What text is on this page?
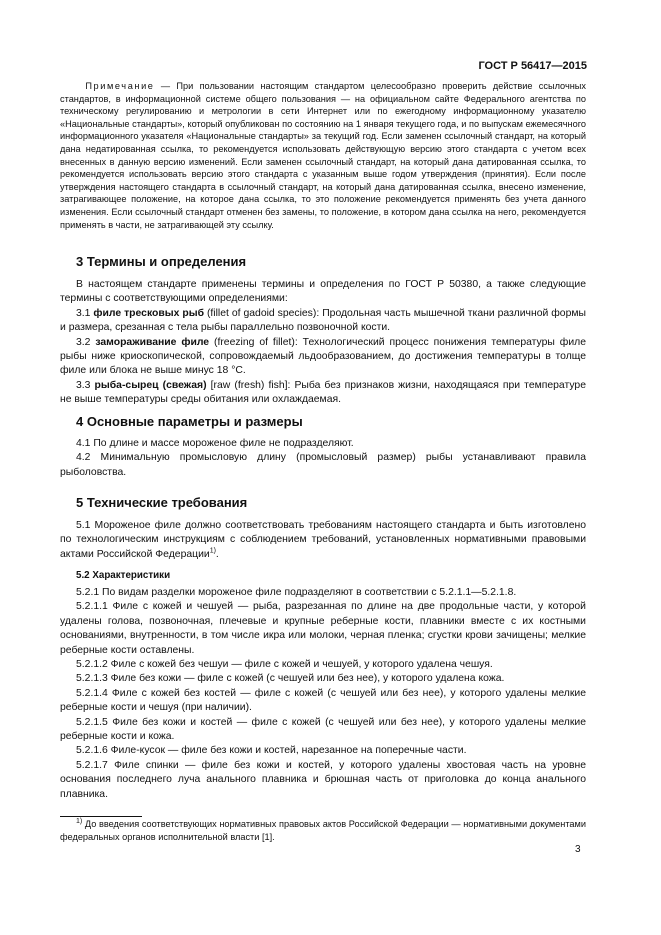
ГОСТ Р 56417—2015
Примечание — При пользовании настоящим стандартом целесообразно проверить действие ссылочных стандартов, в информационной системе общего пользования — на официальном сайте Федерального агентства по техническому регулированию и метрологии в сети Интернет или по ежегодному информационному указателю «Национальные стандарты», который опубликован по состоянию на 1 января текущего года, и по выпускам ежемесячного информационного указателя «Национальные стандарты» за текущий год. Если заменен ссылочный стандарт, на который дана недатированная ссылка, то рекомендуется использовать действующую версию этого стандарта с учетом всех внесенных в данную версию изменений. Если заменен ссылочный стандарт, на который дана датированная ссылка, то рекомендуется использовать версию этого стандарта с указанным выше годом утверждения (принятия). Если после утверждения настоящего стандарта в ссылочный стандарт, на который дана датированная ссылка, внесено изменение, затрагивающее положение, на которое дана ссылка, то это положение рекомендуется применять без учета данного изменения. Если ссылочный стандарт отменен без замены, то положение, в котором дана ссылка на него, рекомендуется применять в части, не затрагивающей эту ссылку.
3 Термины и определения

В настоящем стандарте применены термины и определения по ГОСТ Р 50380, а также следующие термины с соответствующими определениями:

3.1 филе тресковых рыб (fillet of gadoid species): Продольная часть мышечной ткани различной формы и размера, срезанная с тела рыбы параллельно позвоночной кости.

3.2 замораживание филе (freezing of fillet): Технологический процесс понижения температуры филе рыбы ниже криоскопической, сопровождаемый льдообразованием, до достижения температуры в толще филе или блока не выше минус 18 °С.

3.3 рыба-сырец (свежая) [raw (fresh) fish]: Рыба без признаков жизни, находящаяся при температуре не выше температуры среды обитания или охлаждаемая.

4 Основные параметры и размеры

4.1 По длине и массе мороженое филе не подразделяют.

4.2 Минимальную промысловую длину (промысловый размер) рыбы устанавливают правила рыболовства.

5 Технические требования

5.1 Мороженое филе должно соответствовать требованиям настоящего стандарта и быть изготовлено по технологическим инструкциям с соблюдением требований, установленных нормативными правовыми актами Российской Федерации$^{1)}$.

5.2 Характеристики

5.2.1 По видам разделки мороженое филе подразделяют в соответствии с 5.2.1.1—5.2.1.8.

5.2.1.1 Филе с кожей и чешуей — рыба, разрезанная по длине на две продольные части, у которой удалены голова, позвоночная, плечевые и крупные реберные кости, плавники вместе с их костными основаниями, внутренности, в том числе икра или молоки, черная пленка; сгустки крови зачищены; мелкие реберные кости оставлены.

5.2.1.2 Филе с кожей без чешуи — филе с кожей и чешуей, у которого удалена чешуя.

5.2.1.3 Филе без кожи — филе с кожей (с чешуей или без нее), у которого удалена кожа.

5.2.1.4 Филе с кожей без костей — филе с кожей (с чешуей или без нее), у которого удалены мелкие реберные кости и чешуя (при наличии).

5.2.1.5 Филе без кожи и костей — филе с кожей (с чешуей или без нее), у которого удалены мелкие реберные кости и кожа.

5.2.1.6 Филе-кусок — филе без кожи и костей, нарезанное на поперечные части.

5.2.1.7 Филе спинки — филе без кожи и костей, у которого удалены хвостовая часть на уровне основания последнего луча анального плавника и брюшная часть от приголовка до конца анального плавника.

$^{1)}$ До введения соответствующих нормативных правовых актов Российской Федерации — нормативными документами федеральных органов исполнительной власти [1].

3
